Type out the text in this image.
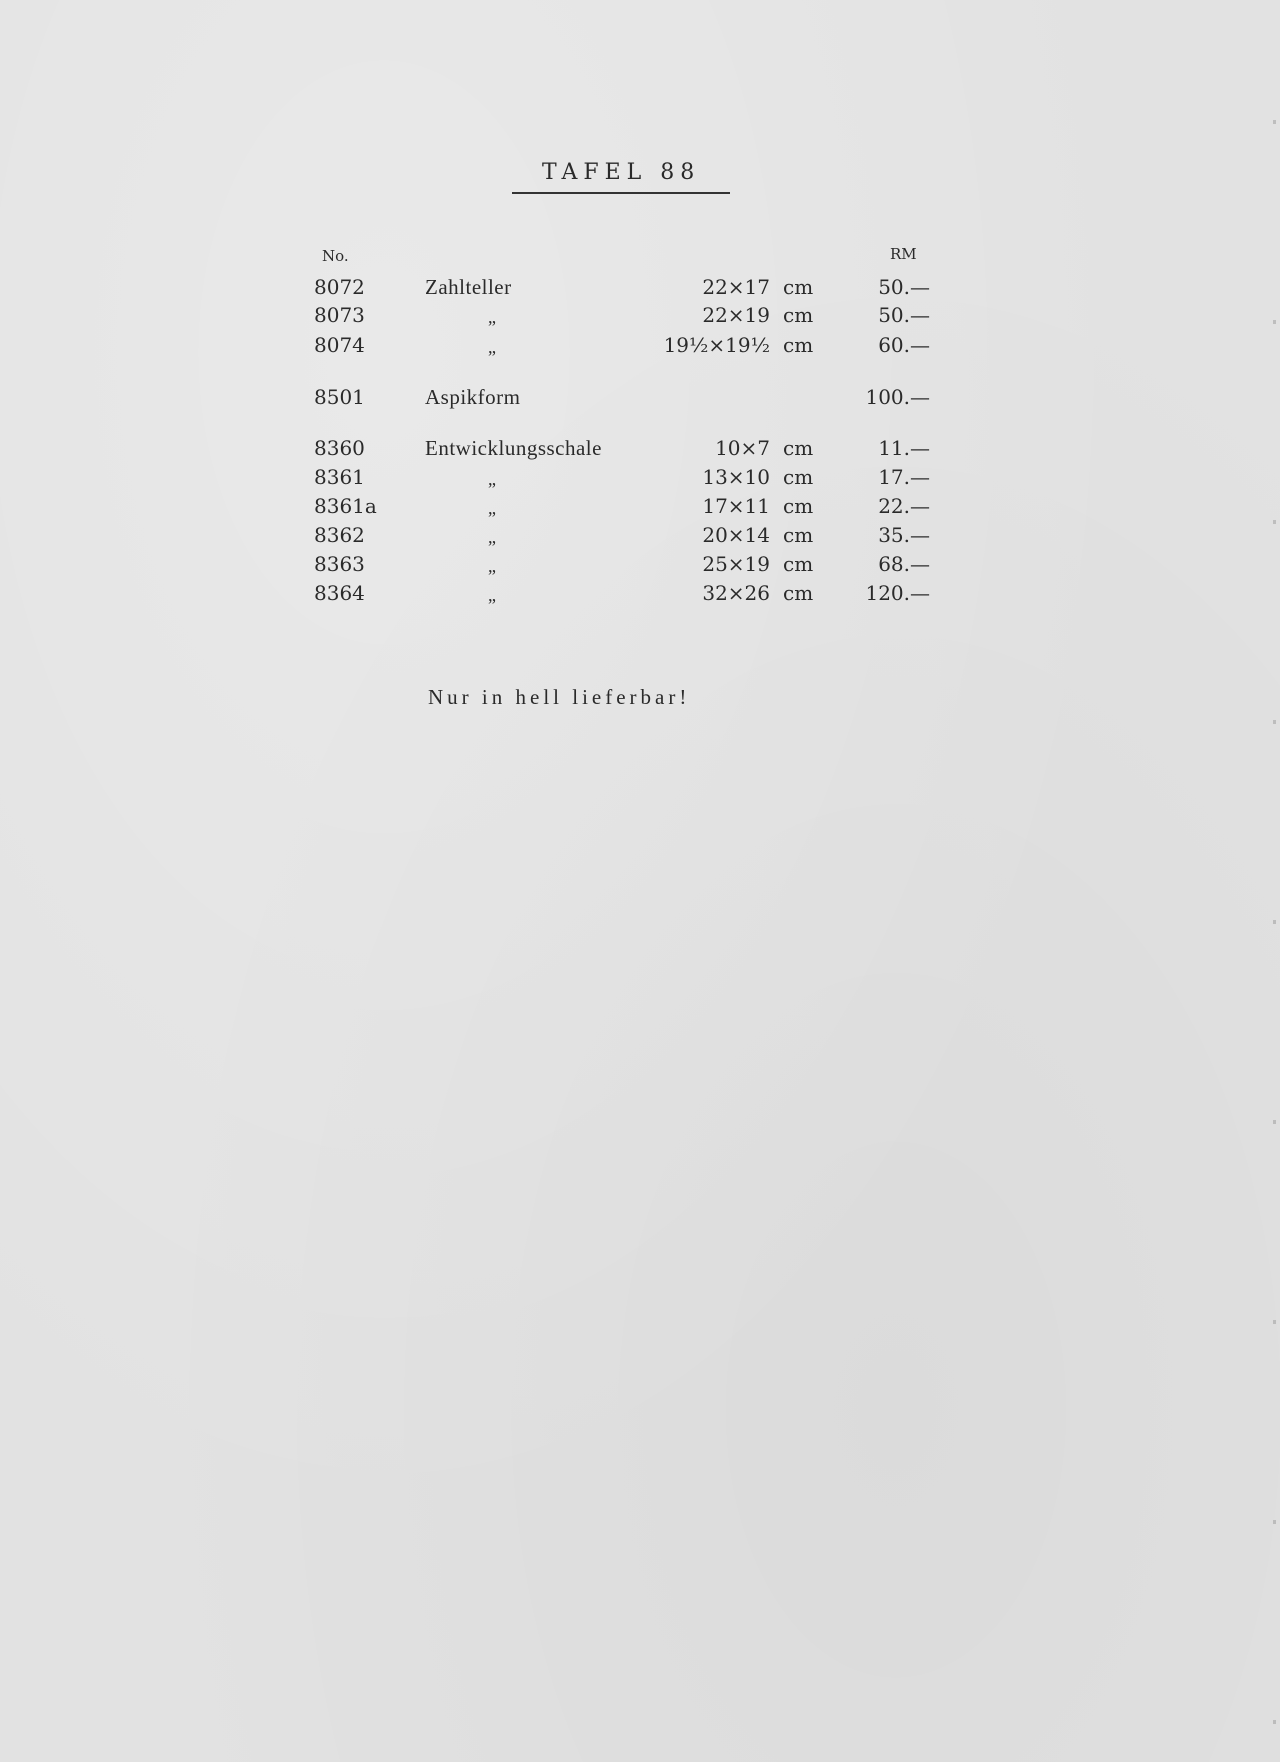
TAFEL 88
No.	RM
8072	Zahlteller	22×17 cm	50.—
8073	„	22×19 cm	50.—
8074	„	19½×19½ cm	60.—
8501	Aspikform	100.—
8360	Entwicklungsschale	10×7 cm	11.—
8361	„	13×10 cm	17.—
8361a	„	17×11 cm	22.—
8362	„	20×14 cm	35.—
8363	„	25×19 cm	68.—
8364	„	32×26 cm	120.—
Nur in hell lieferbar!
